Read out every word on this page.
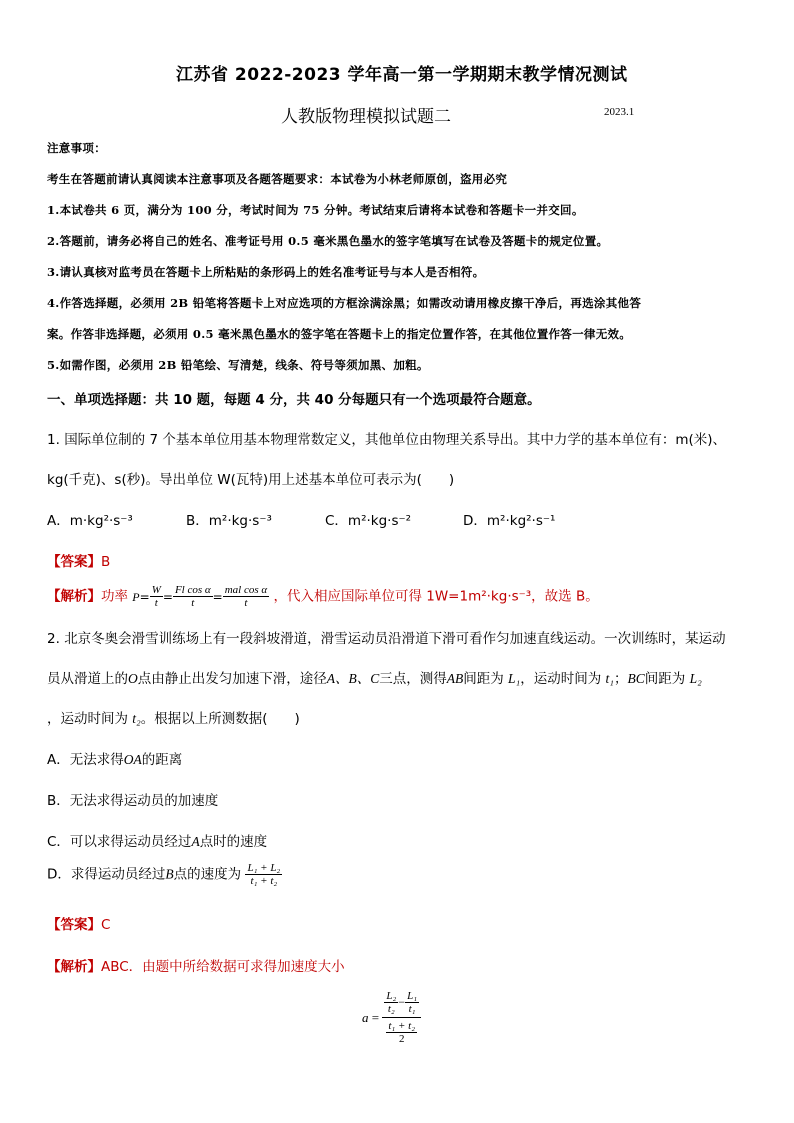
江苏省 2022-2023 学年高一第一学期期末教学情况测试
人教版物理模拟试题二	2023.1
注意事项：
考生在答题前请认真阅读本注意事项及各题答题要求：本试卷为小林老师原创，盗用必究
1.本试卷共 6 页，满分为 100 分，考试时间为 75 分钟。考试结束后请将本试卷和答题卡一并交回。
2.答题前，请务必将自己的姓名、准考证号用 0.5 毫米黑色墨水的签字笔填写在试卷及答题卡的规定位置。
3.请认真核对监考员在答题卡上所粘贴的条形码上的姓名准考证号与本人是否相符。
4.作答选择题，必须用 2B 铅笔将答题卡上对应选项的方框涂满涂黑；如需改动请用橡皮擦干净后，再选涂其他答
案。作答非选择题，必须用 0.5 毫米黑色墨水的签字笔在答题卡上的指定位置作答，在其他位置作答一律无效。
5.如需作图，必须用 2B 铅笔绘、写清楚，线条、符号等须加黑、加粗。
一、单项选择题：共 10 题，每题 4 分，共 40 分每题只有一个选项最符合题意。
1. 国际单位制的 7 个基本单位用基本物理常数定义，其他单位由物理关系导出。其中力学的基本单位有：m(米)、
kg(千克)、s(秒)。导出单位 W(瓦特)用上述基本单位可表示为(　　)
A．m·kg²·s⁻³	B．m²·kg·s⁻³	C．m²·kg·s⁻²	D．m²·kg²·s⁻¹
【答案】B
【解析】功率 $P= \frac{W}{t} = \frac{\text{Fl cos α}}{t} = \frac{\text{mal cos α}}{t}$ ，代入相应国际单位可得 1W=1m²·kg·s⁻³，故选 B。
2. 北京冬奥会滑雪训练场上有一段斜坡滑道，滑雪运动员沿滑道下滑可看作匀加速直线运动。一次训练时，某运动
员从滑道上的O点由静止出发匀加速下滑，途径A、B、C三点，测得AB间距为 L₁，运动时间为 t₁；BC间距为 L₂
，运动时间为 t₂。根据以上所测数据(　　)
A．无法求得OA的距离
B．无法求得运动员的加速度
C．可以求得运动员经过A点时的速度
D．求得运动员经过B点的速度为 $\frac{\text{L₁ + L₂}}{\text{t₁ + t₂}}$
【答案】C
【解析】ABC．由题中所给数据可求得加速度大小
$a = \frac{\frac{\text{L₂}}{\text{t₂}} - \frac{\text{L₁}}{\text{t₁}}}{\frac{\text{t₁ + t₂}}{2}}$
